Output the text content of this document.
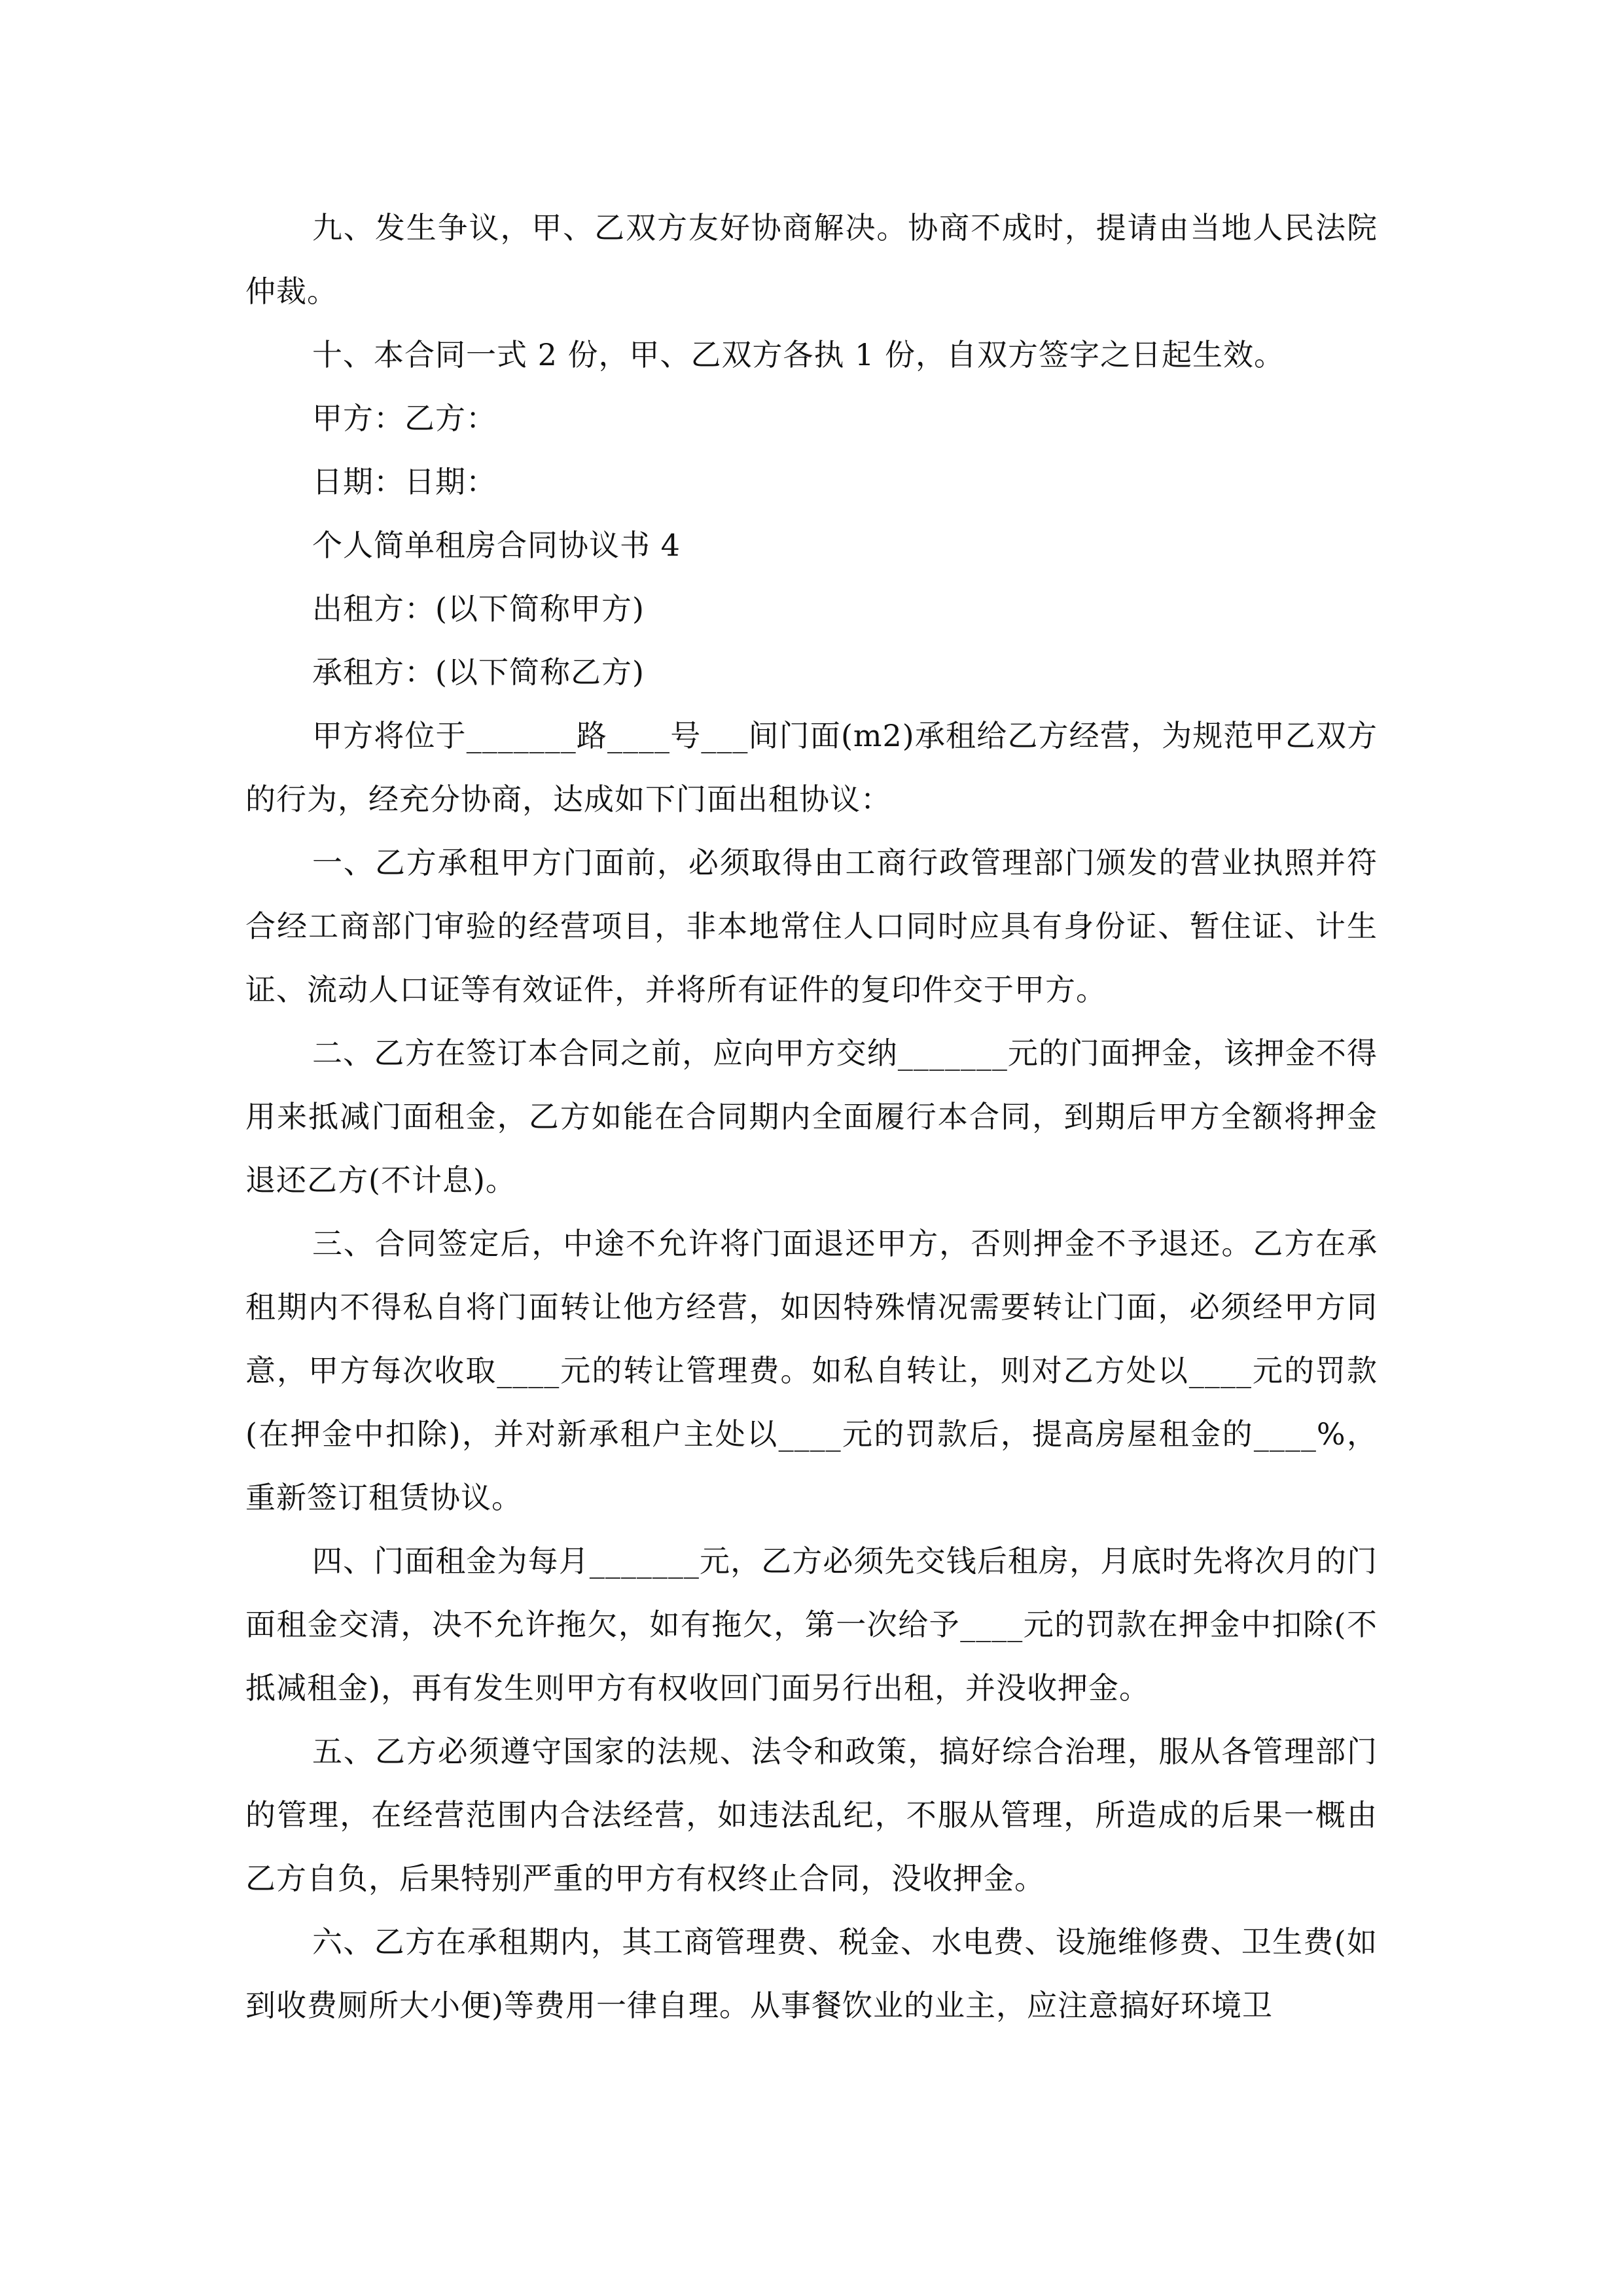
九、发生争议，甲、乙双方友好协商解决。协商不成时，提请由当地人民法院仲裁。

十、本合同一式 2 份，甲、乙双方各执 1 份，自双方签字之日起生效。

甲方：乙方：

日期：日期：

个人简单租房合同协议书 4

出租方：(以下简称甲方)

承租方：(以下简称乙方)

甲方将位于_______路____号___间门面(m2)承租给乙方经营，为规范甲乙双方的行为，经充分协商，达成如下门面出租协议：

一、乙方承租甲方门面前，必须取得由工商行政管理部门颁发的营业执照并符合经工商部门审验的经营项目，非本地常住人口同时应具有身份证、暂住证、计生证、流动人口证等有效证件，并将所有证件的复印件交于甲方。

二、乙方在签订本合同之前，应向甲方交纳_______元的门面押金，该押金不得用来抵减门面租金，乙方如能在合同期内全面履行本合同，到期后甲方全额将押金退还乙方(不计息)。

三、合同签定后，中途不允许将门面退还甲方，否则押金不予退还。乙方在承租期内不得私自将门面转让他方经营，如因特殊情况需要转让门面，必须经甲方同意，甲方每次收取____元的转让管理费。如私自转让，则对乙方处以____元的罚款(在押金中扣除)，并对新承租户主处以____元的罚款后，提高房屋租金的____%，重新签订租赁协议。

四、门面租金为每月_______元，乙方必须先交钱后租房，月底时先将次月的门面租金交清，决不允许拖欠，如有拖欠，第一次给予____元的罚款在押金中扣除(不抵减租金)，再有发生则甲方有权收回门面另行出租，并没收押金。

五、乙方必须遵守国家的法规、法令和政策，搞好综合治理，服从各管理部门的管理，在经营范围内合法经营，如违法乱纪，不服从管理，所造成的后果一概由乙方自负，后果特别严重的甲方有权终止合同，没收押金。

六、乙方在承租期内，其工商管理费、税金、水电费、设施维修费、卫生费(如到收费厕所大小便)等费用一律自理。从事餐饮业的业主，应注意搞好环境卫
